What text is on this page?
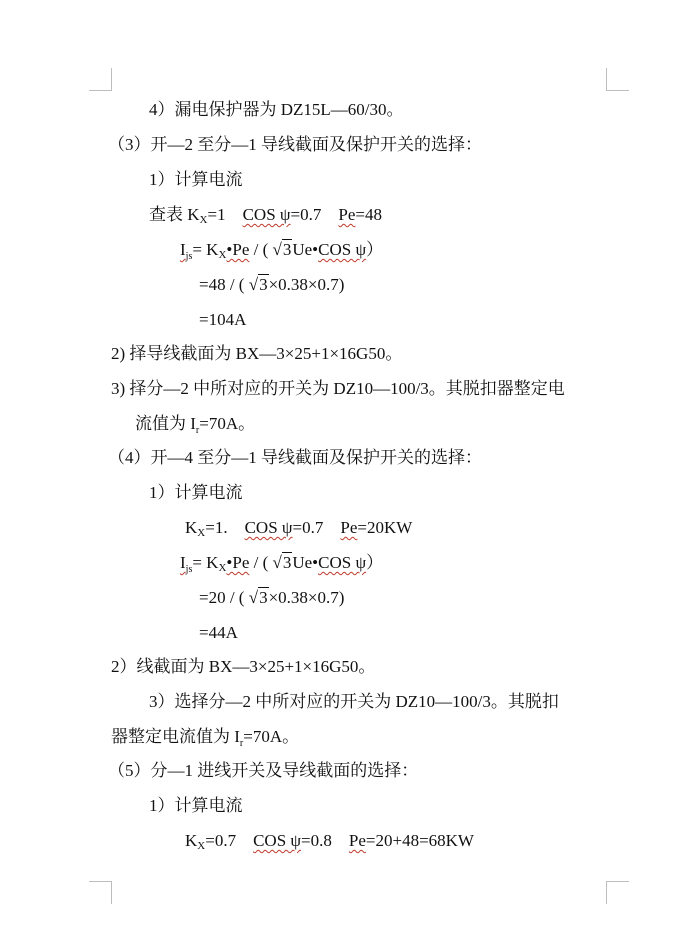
4）漏电保护器为 DZ15L—60/30。
（3）开—2 至分—1 导线截面及保护开关的选择：
1）计算电流
查表 $K_X=1$　COS ψ=0.7　Pe=48
$I_{js}=$ $K_X•Pe$ / ( √3Ue•COS ψ）
=48 / ( √3×0.38×0.7)
=104A
2) 择导线截面为 BX—3×25+1×16G50。
3) 择分—2 中所对应的开关为 DZ10—100/3。其脱扣器整定电
流值为 $I_r=70A$。
（4）开—4 至分—1 导线截面及保护开关的选择：
1）计算电流
$K_X=1$.　COS ψ=0.7　Pe=20KW
$I_{js}=$ $K_X•Pe$ / ( √3Ue•COS ψ）
=20 / ( √3×0.38×0.7)
=44A
2）线截面为 BX—3×25+1×16G50。
3）选择分—2 中所对应的开关为 DZ10—100/3。其脱扣
器整定电流值为 $I_r=70A$。
（5）分—1 进线开关及导线截面的选择：
1）计算电流
$K_X=0.7$　COS ψ=0.8　Pe=20+48=68KW
